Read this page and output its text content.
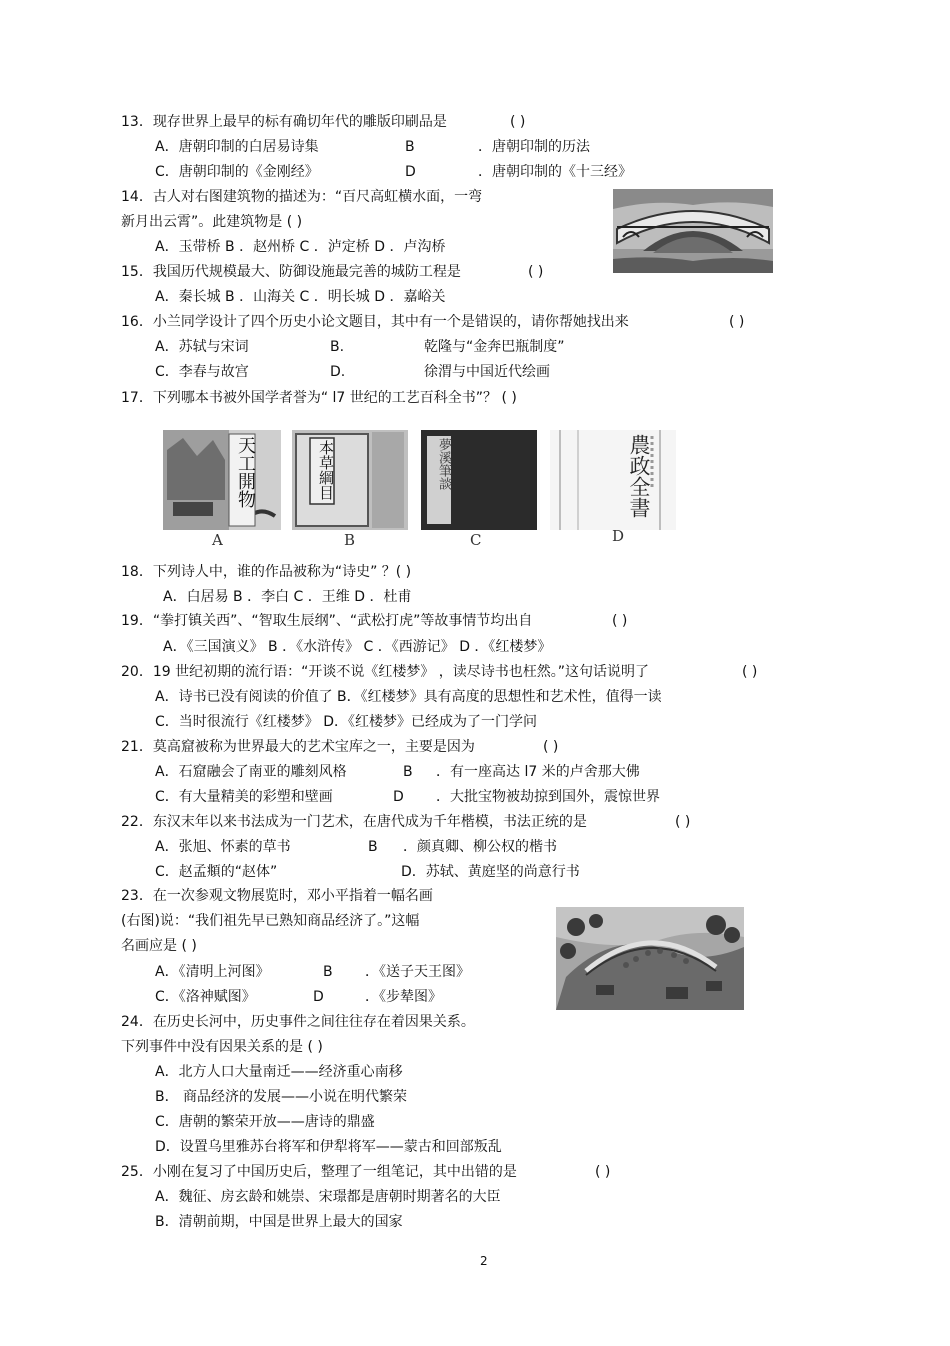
13．现存世界上最早的标有确切年代的雕版印刷品是	( )
A．唐朝印制的白居易诗集	B	．唐朝印制的历法
C．唐朝印制的《金刚经》	D	．唐朝印制的《十三经》
14．古人对右图建筑物的描述为：“百尺高虹横水面，一弯
新月出云霄”。此建筑物是 ( )
A．玉带桥 B ．赵州桥 C ．泸定桥 D ．卢沟桥
15．我国历代规模最大、防御设施最完善的城防工程是	( )
A．秦长城 B ．山海关 C ．明长城 D ．嘉峪关
16．小兰同学设计了四个历史小论文题目，其中有一个是错误的，请你帮她找出来	( )
A．苏轼与宋词	B.	乾隆与“金奔巴瓶制度”
C．李春与故宫	D.	徐渭与中国近代绘画
17．下列哪本书被外国学者誉为“ l7 世纪的工艺百科全书”？ ( )
天工開物
A
本草綱目
B
夢溪筆談
C
農政全書
D
18．下列诗人中，谁的作品被称为“诗史” ？( )
A．白居易 B ．李白 C ．王维 D ．杜甫
19．“拳打镇关西”、“智取生辰纲”、“武松打虎”等故事情节均出自	( )
A．《三国演义》 B ．《水浒传》 C ．《西游记》 D ．《红楼梦》
20．19 世纪初期的流行语：“开谈不说《红楼梦》 ，读尽诗书也枉然。”这句话说明了	( )
A．诗书已没有阅读的价值了 B．《红楼梦》具有高度的思想性和艺术性，值得一读
C．当时很流行《红楼梦》 D．《红楼梦》已经成为了一门学问
21．莫高窟被称为世界最大的艺术宝库之一，主要是因为	( )
A．石窟融会了南亚的雕刻风格	B ．有一座高达 l7 米的卢舍那大佛
C．有大量精美的彩塑和壁画	D ．大批宝物被劫掠到国外，震惊世界
22．东汉末年以来书法成为一门艺术，在唐代成为千年楷模，书法正统的是	( )
A．张旭、怀素的草书	B ．颜真卿、柳公权的楷书
C．赵孟頫的“赵体”	D．苏轼、黄庭坚的尚意行书
23．在一次参观文物展览时，邓小平指着一幅名画
(右图)说：“我们祖先早已熟知商品经济了。”这幅
名画应是 ( )
A．《清明上河图》	B ．《送子天王图》
C．《洛神赋图》	D	．《步辇图》
24．在历史长河中，历史事件之间往往存在着因果关系。
下列事件中没有因果关系的是 ( )
A．北方人口大量南迁——经济重心南移
B． 商品经济的发展——小说在明代繁荣
C．唐朝的繁荣开放——唐诗的鼎盛
D．设置乌里雅苏台将军和伊犁将军——蒙古和回部叛乱
25．小刚在复习了中国历史后，整理了一组笔记，其中出错的是	( )
A．魏征、房玄龄和姚崇、宋璟都是唐朝时期著名的大臣
B．清朝前期，中国是世界上最大的国家
2
